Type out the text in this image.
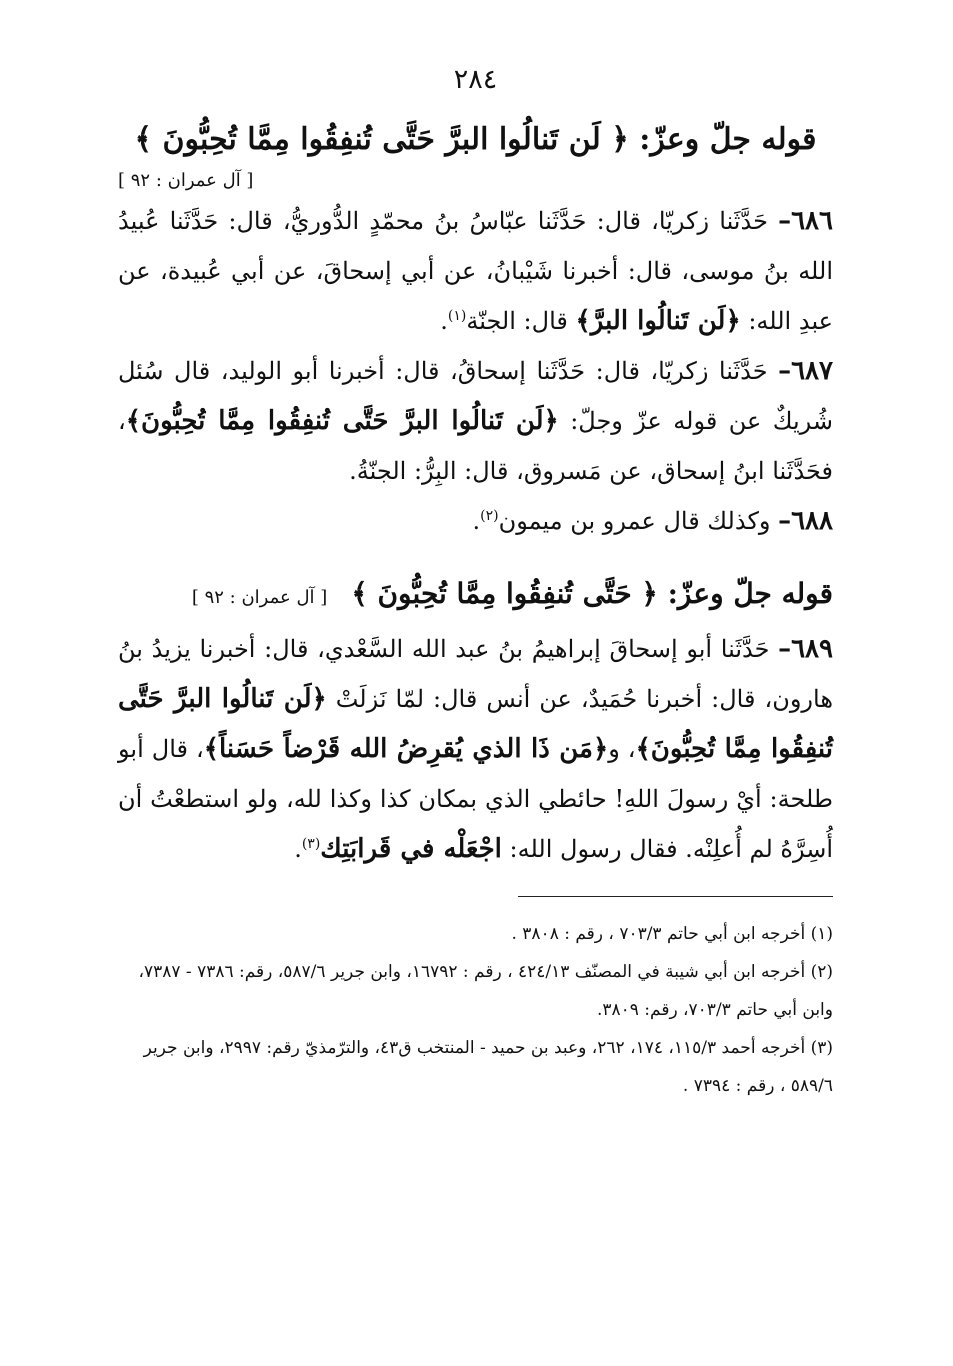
٢٨٤
قوله جلّ وعزّ: ﴿ لَن تَنالُوا البرَّ حَتَّى تُنفِقُوا مِمَّا تُحِبُّونَ ﴾
[ آل عمران : ٩٢ ]

٦٨٦– حَدَّثَنا زكريّا، قال: حَدَّثَنا عبّاسُ بنُ محمّدٍ الدُّوريُّ، قال: حَدَّثَنا عُبيدُ الله بنُ موسى، قال: أخبرنا شَيْبانُ، عن أبي إسحاقَ، عن أبي عُبيدة، عن عبدِ الله: ﴿لَن تَنالُوا البرَّ﴾ قال: الجنّة$^{(١)}$.

٦٨٧– حَدَّثَنا زكريّا، قال: حَدَّثَنا إسحاقُ، قال: أخبرنا أبو الوليد، قال سُئل شُريكٌ عن قوله عزّ وجلّ: ﴿لَن تَنالُوا البرَّ حَتَّى تُنفِقُوا مِمَّا تُحِبُّونَ﴾، فحَدَّثَنا ابنُ إسحاق، عن مَسروق، قال: البِرُّ: الجنّةُ.

٦٨٨– وكذلك قال عمرو بن ميمون$^{(٢)}$.

قوله جلّ وعزّ: ﴿ حَتَّى تُنفِقُوا مِمَّا تُحِبُّونَ ﴾[ آل عمران : ٩٢ ]

٦٨٩– حَدَّثَنا أبو إسحاقَ إبراهيمُ بنُ عبد الله السَّعْدي، قال: أخبرنا يزيدُ بنُ هارون، قال: أخبرنا حُمَيدٌ، عن أنس قال: لمّا نَزلَتْ ﴿لَن تَنالُوا البرَّ حَتَّى تُنفِقُوا مِمَّا تُحِبُّونَ﴾، و﴿مَن ذَا الذي يُقرِضُ الله قَرْضاً حَسَناً﴾، قال أبو طلحة: أيْ رسولَ اللهِ! حائطي الذي بمكان كذا وكذا لله، ولو استطعْتُ أن أُسِرَّهُ لم أُعلِنْه. فقال رسول الله: اجْعَلْه في قَرابَتِك$^{(٣)}$.

(١) أخرجه ابن أبي حاتم ٧٠٣/٣ ، رقم : ٣٨٠٨ .

(٢) أخرجه ابن أبي شيبة في المصنّف ٤٢٤/١٣ ، رقم : ١٦٧٩٢، وابن جرير ٥٨٧/٦، رقم: ٧٣٨٦ - ٧٣٨٧، وابن أبي حاتم ٧٠٣/٣، رقم: ٣٨٠٩.

(٣) أخرجه أحمد ١١٥/٣، ١٧٤، ٢٦٢، وعبد بن حميد - المنتخب ق٤٣، والترّمذيّ رقم: ٢٩٩٧، وابن جرير ٥٨٩/٦ ، رقم : ٧٣٩٤ .
